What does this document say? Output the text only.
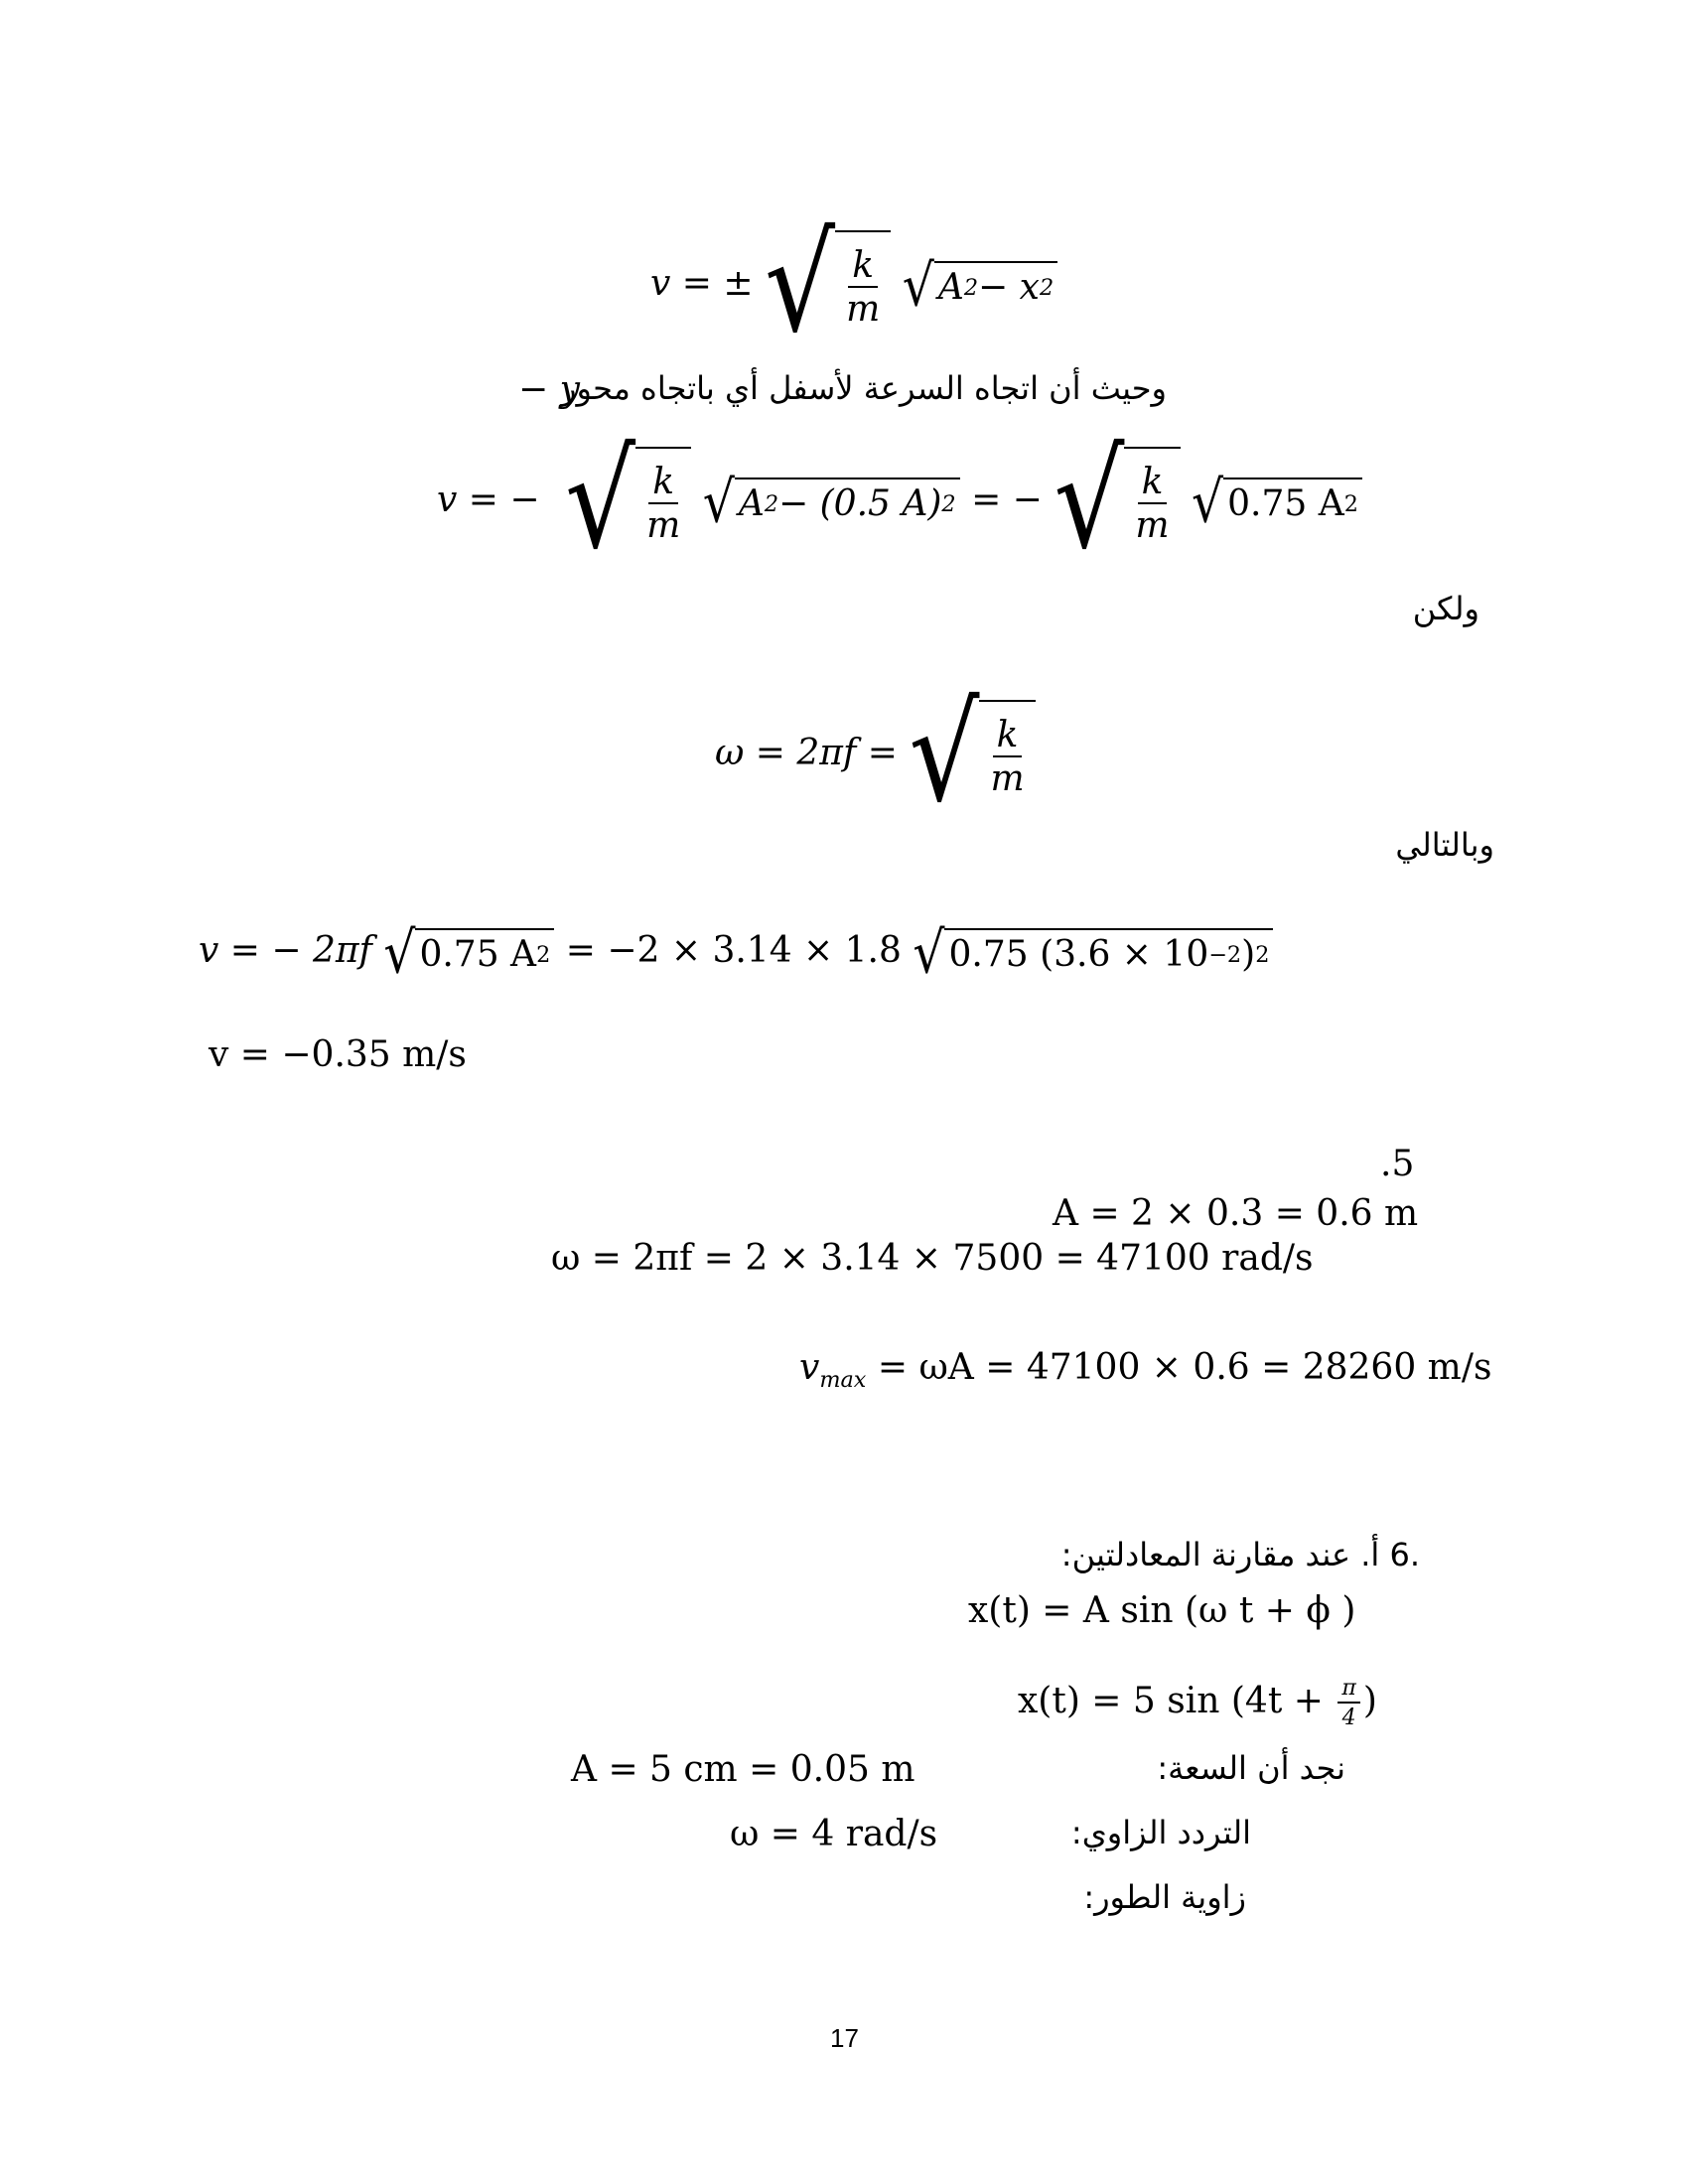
v = ± √ $\frac{k}{m}$
√ A 2 − x 2
وحيث أن اتجاه السرعة لأسفل أي باتجاه محور
− y
v = − √ $\frac{k}{m}$
√ A 2 − (0.5 A) 2 = − √ $\frac{k}{m}$
√ 0.75 A 2
ولكن
ω = 2πf = √ $\frac{k}{m}$
وبالتالي
v = − 2πf √ 0.75 A 2 = −2 × 3.14 × 1.8 √ 0.75 (3.6 × 10 −2 ) 2
v = −0.35 m/s
.5
A = 2 × 0.3 = 0.6 m
ω = 2πf = 2 × 3.14 × 7500 = 47100 rad/s
$v_{max} = \omega A = 47100 \times 0.6 = 28260$ m/s
.6 أ. عند مقارنة المعادلتين:
x(t) = A sin (ω t + ϕ )
x(t) = 5 $\sin (4t + \frac{\pi}{4}$ )
نجد أن السعة:
A = 5 cm = 0.05 m
التردد الزاوي:
ω = 4 rad/s
زاوية الطور:
17
